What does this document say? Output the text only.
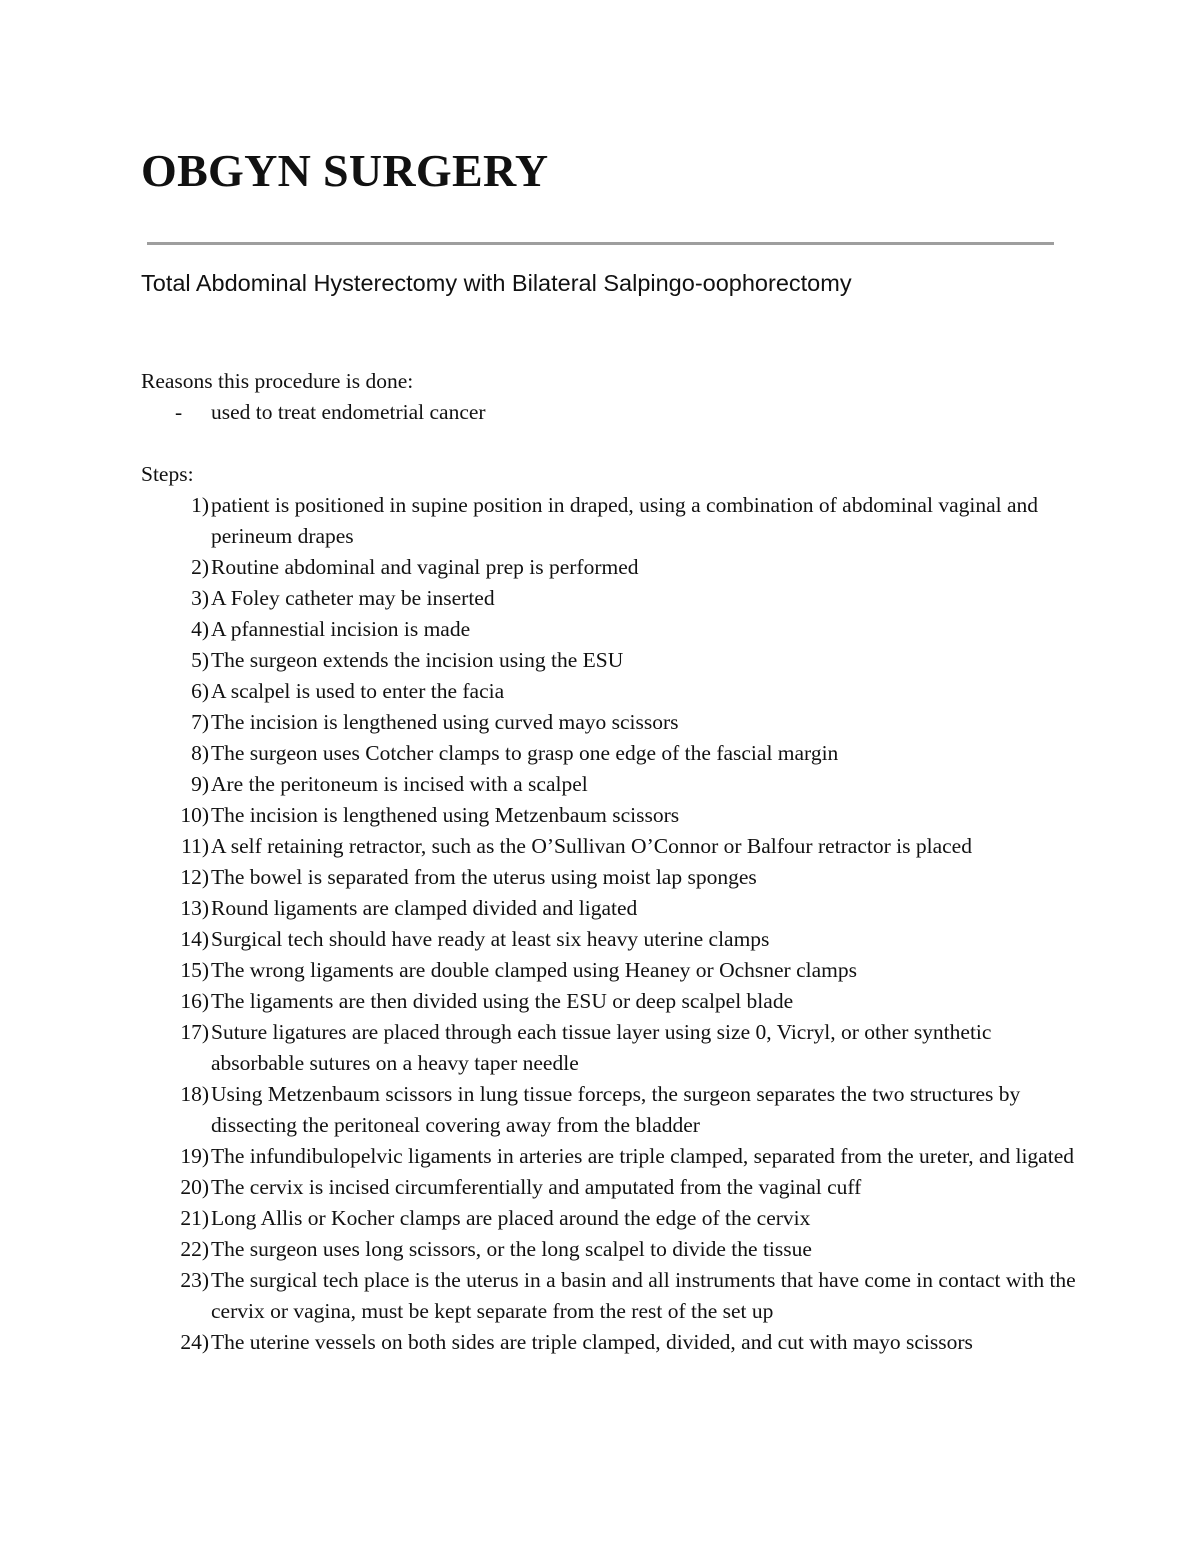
OBGYN SURGERY
Total Abdominal Hysterectomy with Bilateral Salpingo-oophorectomy

Reasons this procedure is done:

- used to treat endometrial cancer

Steps:

1) patient is positioned in supine position in draped, using a combination of abdominal vaginal and perineum drapes
2) Routine abdominal and vaginal prep is performed
3) A Foley catheter may be inserted
4) A pfannestial incision is made
5) The surgeon extends the incision using the ESU
6) A scalpel is used to enter the facia
7) The incision is lengthened using curved mayo scissors
8) The surgeon uses Cotcher clamps to grasp one edge of the fascial margin
9) Are the peritoneum is incised with a scalpel
10) The incision is lengthened using Metzenbaum scissors
11) A self retaining retractor, such as the O’Sullivan O’Connor or Balfour retractor is placed
12) The bowel is separated from the uterus using moist lap sponges
13) Round ligaments are clamped divided and ligated
14) Surgical tech should have ready at least six heavy uterine clamps
15) The wrong ligaments are double clamped using Heaney or Ochsner clamps
16) The ligaments are then divided using the ESU or deep scalpel blade
17) Suture ligatures are placed through each tissue layer using size 0, Vicryl, or other synthetic absorbable sutures on a heavy taper needle
18) Using Metzenbaum scissors in lung tissue forceps, the surgeon separates the two structures by dissecting the peritoneal covering away from the bladder
19) The infundibulopelvic ligaments in arteries are triple clamped, separated from the ureter, and ligated
20) The cervix is incised circumferentially and amputated from the vaginal cuff
21) Long Allis or Kocher clamps are placed around the edge of the cervix
22) The surgeon uses long scissors, or the long scalpel to divide the tissue
23) The surgical tech place is the uterus in a basin and all instruments that have come in contact with the cervix or vagina, must be kept separate from the rest of the set up
24) The uterine vessels on both sides are triple clamped, divided, and cut with mayo scissors
